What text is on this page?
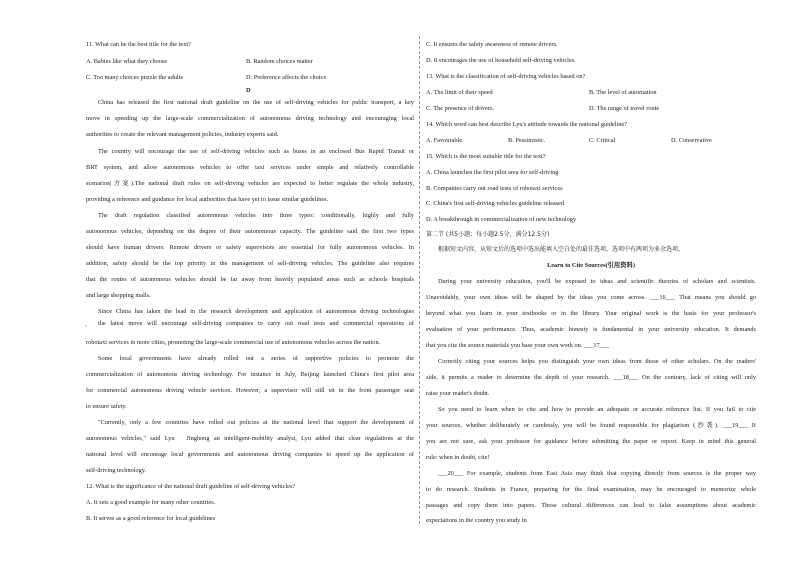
11. What can be the best title for the text?
A. Babies like what they choose	B. Random choices matter
C. Too many choices puzzle the adults	D. Preference affects the choice
D
China has released the first national draft guideline on the use of self-driving vehicles for public transport, a key
move in speeding up the large-scale commercialization of autonomous driving technology and encouraging local
authorities to create the relevant management policies, industry experts said.
The country will encourage the use of self-driving vehicles such as buses in an enclosed Bus Rapid Transit or
BRT system, and allow autonomous vehicles to offer taxi services under simple and relatively controllable
scenarios(方案).The national draft rules on self-driving vehicles are expected to better regulate the whole industry,
providing a reference and guidance for local authorities that have yet to issue similar guidelines.
The draft regulation classified autonomous vehicles into three types: conditionally, highly and fully
autonomous vehicles, depending on the degree of their autonomous capacity. The guideline said the first two types
should have human drivers. Remote drivers or safety supervisors are essential for fully autonomous vehicles. In
addition, safety should be the top priority in the management of self-driving vehicles. The guideline also requires
that the routes of autonomous vehicles should be far away from heavily populated areas such as schools hospitals
and large shopping malls.
Since China has taken the lead in the research development and application of autonomous driving technologies
'
the latest move will encourage self-driving companies to carry out road tests and commercial operations of
robotaxi services in more cities, promoting the large-scale commercial use of autonomous vehicles across the nation.
Some local governments have already rolled out a series of supportive policies to promote the
commercialization of autonomous driving technology. For instance in July, Beijing launched China's first pilot area
for commercial autonomous driving vehicle services. However, a supervisor will still sit in the front passenger seat
to ensure safety.
"Currently, only a few countries have rolled out policies at the national level that support the development of
autonomous vehicles," said Lyu　Jinghong an intelligent-mobility analyst, Lyu added that clear regulations at the
national level will encourage local governments and autonomous driving companies to speed up the application of
self-driving technology.
12. What is the significance of the national draft guideline of self-driving vehicles?
A. It sets a good example for many other countries.
B. It serves as a good reference for local guidelines
C. It ensures the safety awareness of remote drivers.
D. It encourages the use of household self-driving vehicles.
13. What is the classification of self-driving vehicles based on?
A. The limit of their speed	B. The level of automation
C. The presence of drivers.	D. The range of travel route
14. Which word can best describe Lyu's attitude towards the national guideline?
A. Favourable.	B. Pessimistic.	C. Critical	D. Conservative
15. Which is the most suitable title for the text?
A. China launches the first pilot area for self-driving
B. Companies carry out road tests of robotaxi services
C. China's first self-driving vehicles guideline released
D. A breakthrough in commercialization of new technology
第二节 (共5小题；每小题2.5分，满分12.5分)
根据短文内容，从短文后的选项中选出能填入空白处的最佳选项。选项中有两项为多余选项。
Learn to Cite Sources(引用资料)
During your university education, you'll be exposed to ideas and scientific theories of scholars and scientists.
Unavoidably, your own ideas will be shaped by the ideas you come across. ___16___ That means you should go
beyond what you learn in your textbooks or in the library. Your original work is the basis for your professor's
evaluation of your performance. Thus, academic honesty is fundamental in your university education. It demands
that you cite the source materials you base your own work on. ___17___
Correctly citing your sources helps you distinguish your own ideas from those of other scholars. On the readers'
side, it permits a reader to determine the depth of your research. ___18___ On the contrary, lack of citing will only
raise your reader's doubt.
So you need to learn when to cite and how to provide an adequate or accurate reference list. If you fail to cite
your sources, whether deliberately or carelessly, you will be found responsible for plagiarism (抄袭). ___19___ If
you are not sure, ask your professor for guidance before submitting the paper or report. Keep in mind this general
rule: when in doubt, cite!
___20___ For example, students from East Asia may think that copying directly from sources is the proper way
to do research. Students in France, preparing for the final examination, may be encouraged to memorize whole
passages and copy them into papers. Those cultural differences can lead to false assumptions about academic
expectations in the country you study in
